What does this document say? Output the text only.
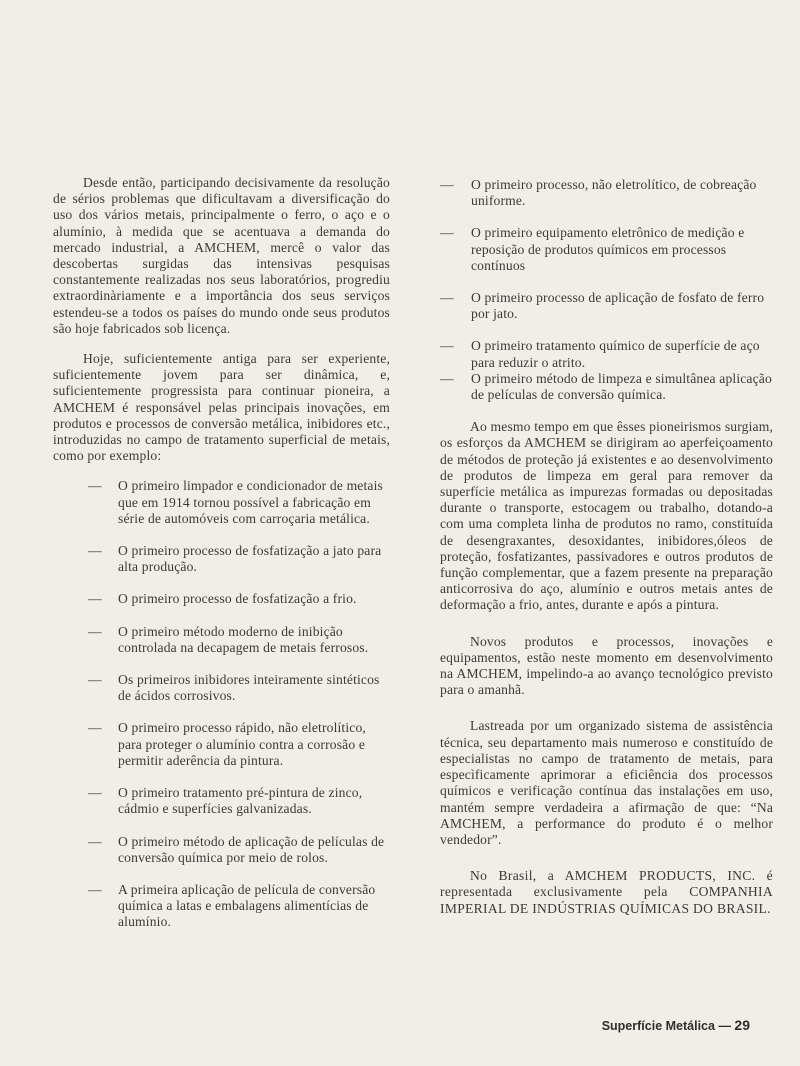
Desde então, participando decisivamente da resolução de sérios problemas que dificultavam a diversificação do uso dos vários metais, principalmente o ferro, o aço e o alumínio, à medida que se acentuava a demanda do mercado industrial, a AMCHEM, mercê o valor das descobertas surgidas das intensivas pesquisas constantemente realizadas nos seus laboratórios, progrediu extraordinàriamente e a importância dos seus serviços estendeu-se a todos os países do mundo onde seus produtos são hoje fabricados sob licença.

Hoje, suficientemente antiga para ser experiente, suficientemente jovem para ser dinâmica, e, suficientemente progressista para continuar pioneira, a AMCHEM é responsável pelas principais inovações, em produtos e processos de conversão metálica, inibidores etc., introduzidas no campo de tratamento superficial de metais, como por exemplo:

— O primeiro limpador e condicionador de metais que em 1914 tornou possível a fabricação em série de automóveis com carroçaria metálica.

— O primeiro processo de fosfatização a jato para alta produção.

— O primeiro processo de fosfatização a frio.

— O primeiro método moderno de inibição controlada na decapagem de metais ferrosos.

— Os primeiros inibidores inteiramente sintéticos de ácidos corrosivos.

— O primeiro processo rápido, não eletrolítico, para proteger o alumínio contra a corrosão e permitir aderência da pintura.

— O primeiro tratamento pré-pintura de zinco, cádmio e superfícies galvanizadas.

— O primeiro método de aplicação de películas de conversão química por meio de rolos.

— A primeira aplicação de película de conversão química a latas e embalagens alimentícias de alumínio.

— O primeiro processo, não eletrolítico, de cobreação uniforme.

— O primeiro equipamento eletrônico de medição e reposição de produtos químicos em processos contínuos

— O primeiro processo de aplicação de fosfato de ferro por jato.

— O primeiro tratamento químico de superfície de aço para reduzir o atrito.

— O primeiro método de limpeza e simultânea aplicação de películas de conversão química.

Ao mesmo tempo em que êsses pioneirismos surgiam, os esforços da AMCHEM se dirigiram ao aperfeiçoamento de métodos de proteção já existentes e ao desenvolvimento de produtos de limpeza em geral para remover da superfície metálica as impurezas formadas ou depositadas durante o transporte, estocagem ou trabalho, dotando-a com uma completa linha de produtos no ramo, constituída de desengraxantes, desoxidantes, inibidores,óleos de proteção, fosfatizantes, passivadores e outros produtos de função complementar, que a fazem presente na preparação anticorrosiva do aço, alumínio e outros metais antes de deformação a frio, antes, durante e após a pintura.

Novos produtos e processos, inovações e equipamentos, estão neste momento em desenvolvimento na AMCHEM, impelindo-a ao avanço tecnológico previsto para o amanhã.

Lastreada por um organizado sistema de assistência técnica, seu departamento mais numeroso e constituído de especialistas no campo de tratamento de metais, para especìficamente aprimorar a eficiência dos processos químicos e verificação contínua das instalações em uso, mantém sempre verdadeira a afirmação de que: “Na AMCHEM, a performance do produto é o melhor vendedor”.

No Brasil, a AMCHEM PRODUCTS, INC. é representada exclusivamente pela COMPANHIA IMPERIAL DE INDÚSTRIAS QUÍMICAS DO BRASIL.

Superfície Metálica — 29
